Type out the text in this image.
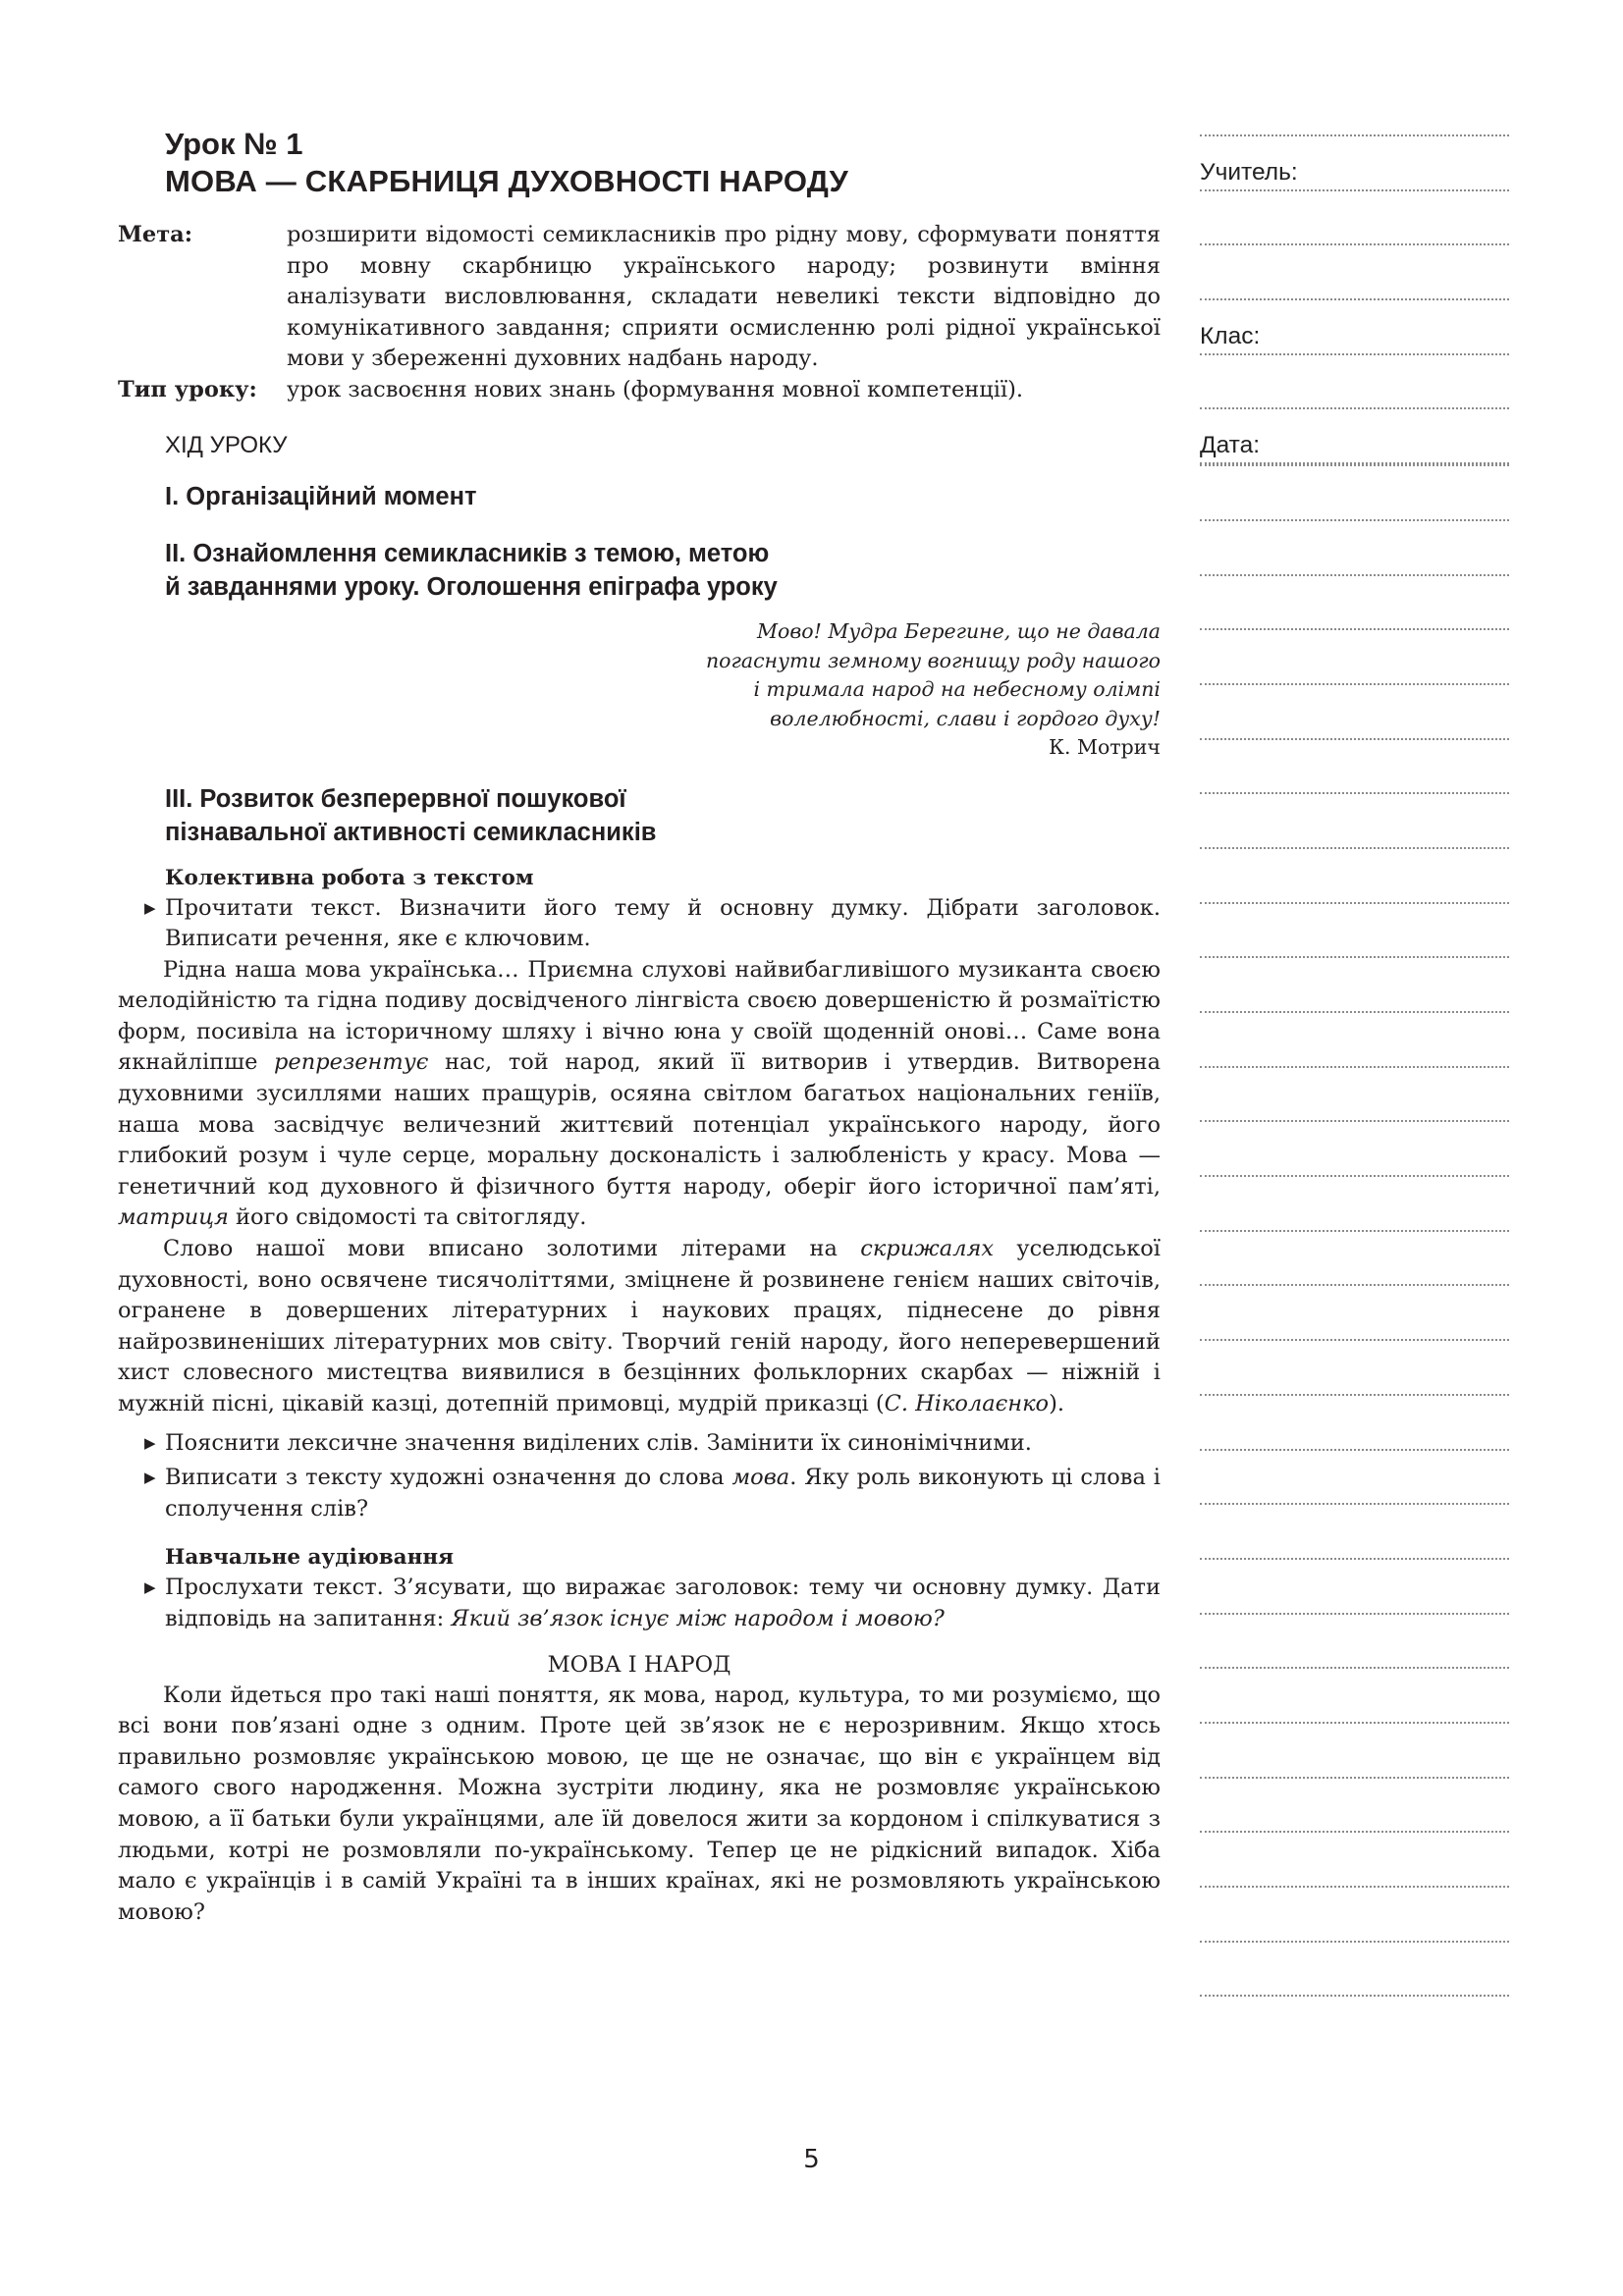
Урок № 1
МОВА — СКАРБНИЦЯ ДУХОВНОСТІ НАРОДУ
Мета:	розширити відомості семикласників про рідну мову, сформувати поняття про мовну скарбницю українського народу; розвинути вміння аналізувати висловлювання, складати невеликі тексти відповідно до комунікативного завдання; сприяти осмисленню ролі рідної української мови у збереженні духовних надбань народу.
Тип уроку:	урок засвоєння нових знань (формування мовної компетенції).
ХІД УРОКУ
I. Організаційний момент
II. Ознайомлення семикласників з темою, метою
й завданнями уроку. Оголошення епіграфа уроку
Мово! Мудра Берегине, що не давала
погаснути земному вогнищу роду нашого
і тримала народ на небесному олімпі
волелюбності, слави і гордого духу!
К. Мотрич
III. Розвиток безперервної пошукової
пізнавальної активності семикласників
Колективна робота з текстом
▶ Прочитати текст. Визначити його тему й основну думку. Дібрати заголовок. Виписати речення, яке є ключовим.
Рідна наша мова українська… Приємна слухові найвибагливішого музиканта своєю мелодійністю та гідна подиву досвідченого лінгвіста своєю довершеністю й розмаїтістю форм, посивіла на історичному шляху і вічно юна у своїй щоденній онові… Саме вона якнайліпше репрезентує нас, той народ, який її витворив і утвердив. Витворена духовними зусиллями наших пращурів, осяяна світлом багатьох національних геніїв, наша мова засвідчує величезний життєвий потенціал українського народу, його глибокий розум і чуле серце, моральну досконалість і залюбленість у красу. Мова — генетичний код духовного й фізичного буття народу, оберіг його історичної пам’яті, матриця його свідомості та світогляду.
Слово нашої мови вписано золотими літерами на скрижалях уселюдської духовності, воно освячене тисячоліттями, зміцнене й розвинене генієм наших світочів, огранене в довершених літературних і наукових працях, піднесене до рівня найрозвиненіших літературних мов світу. Творчий геній народу, його неперевершений хист словесного мистецтва виявилися в безцінних фольклорних скарбах — ніжній і мужній пісні, цікавій казці, дотепній примовці, мудрій приказці (С. Ніколаєнко).
▶ Пояснити лексичне значення виділених слів. Замінити їх синонімічними.
▶ Виписати з тексту художні означення до слова мова. Яку роль виконують ці слова і сполучення слів?
Навчальне аудіювання
▶ Прослухати текст. З’ясувати, що виражає заголовок: тему чи основну думку. Дати відповідь на запитання: Який зв’язок існує між народом і мовою?
МОВА І НАРОД
Коли йдеться про такі наші поняття, як мова, народ, культура, то ми розуміємо, що всі вони пов’язані одне з одним. Проте цей зв’язок не є нерозривним. Якщо хтось правильно розмовляє українською мовою, це ще не означає, що він є українцем від самого свого народження. Можна зустріти людину, яка не розмовляє українською мовою, а її батьки були українцями, але їй довелося жити за кордоном і спілкуватися з людьми, котрі не розмовляли по-українському. Тепер це не рідкісний випадок. Хіба мало є українців і в самій Україні та в інших країнах, які не розмовляють українською мовою?
Учитель:
Клас:
Дата:
5
